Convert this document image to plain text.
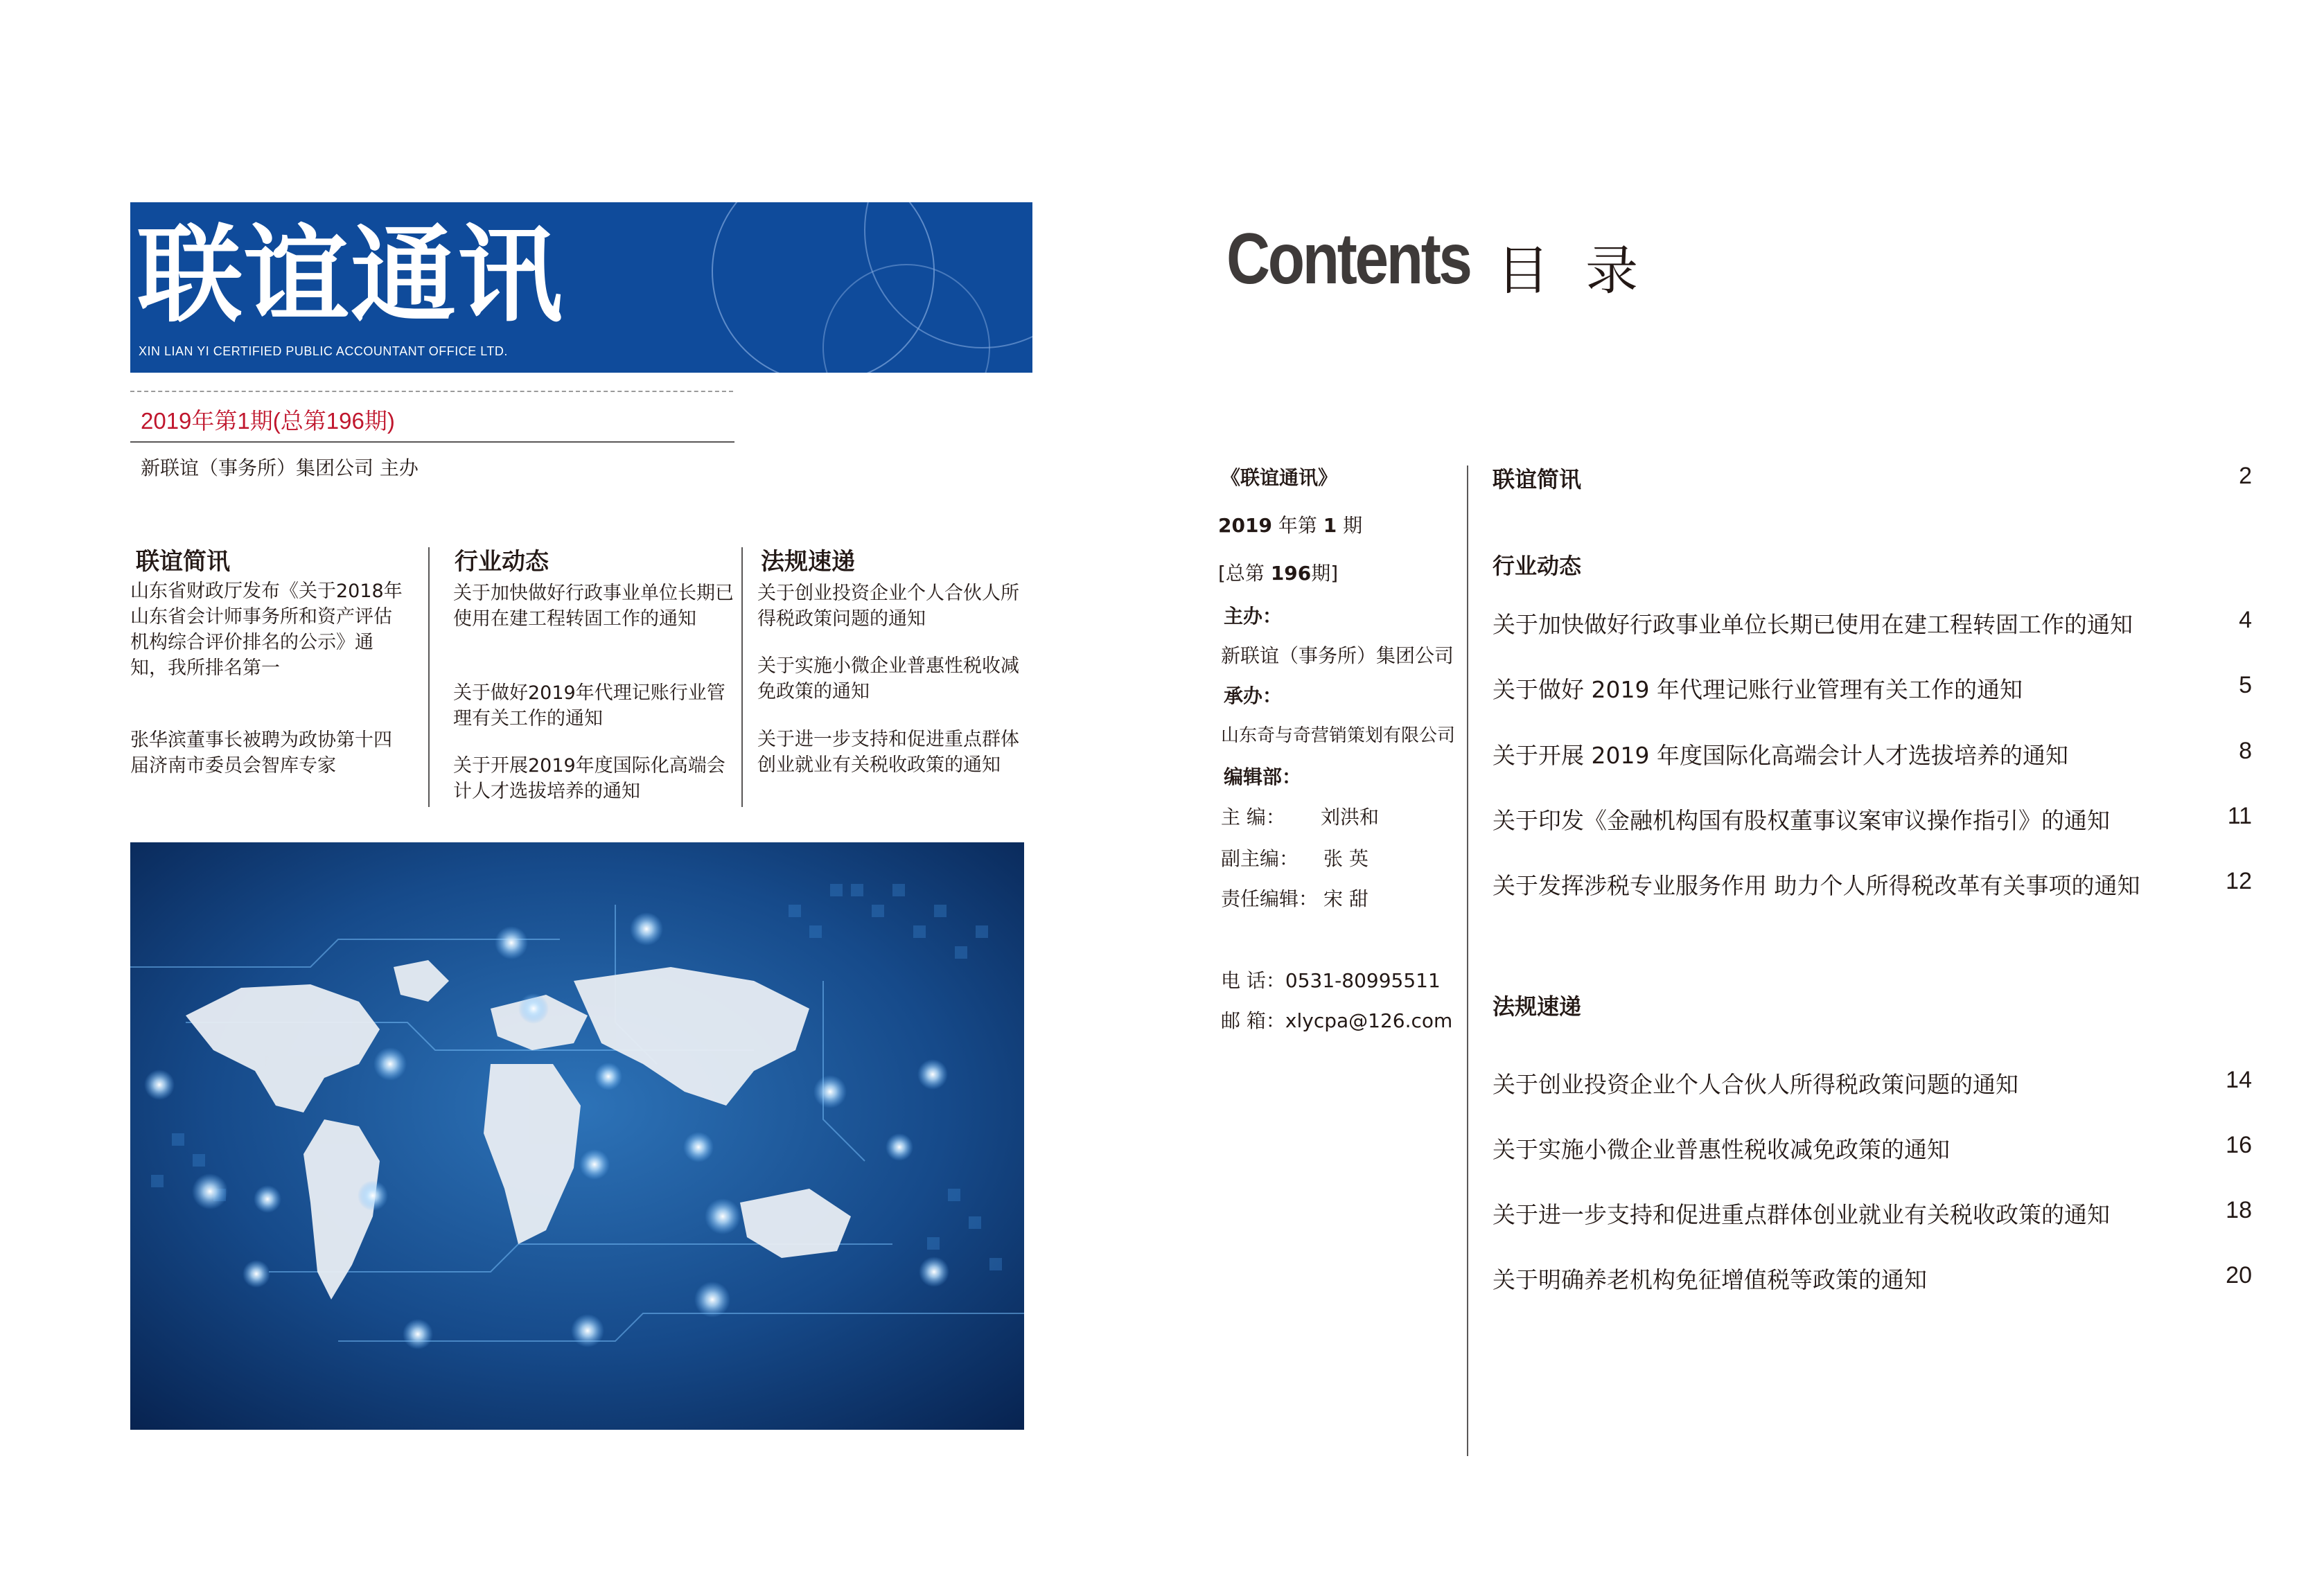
联谊通讯
XIN LIAN YI CERTIFIED PUBLIC ACCOUNTANT OFFICE LTD.
2019年第1期(总第196期)
新联谊（事务所）集团公司 主办
联谊简讯
山东省财政厅发布《关于2018年山东省会计师事务所和资产评估机构综合评价排名的公示》通知，我所排名第一
张华滨董事长被聘为政协第十四届济南市委员会智库专家
行业动态
关于加快做好行政事业单位长期已使用在建工程转固工作的通知
关于做好2019年代理记账行业管理有关工作的通知
关于开展2019年度国际化高端会计人才选拔培养的通知
法规速递
关于创业投资企业个人合伙人所得税政策问题的通知
关于实施小微企业普惠性税收减免政策的通知
关于进一步支持和促进重点群体创业就业有关税收政策的通知
Contents 目 录
《联谊通讯》
2019 年第 1 期
[总第 196期]
主办：
新联谊（事务所）集团公司
承办：
山东奇与奇营销策划有限公司
编辑部：
主 编： 刘洪和
副主编： 张 英
责任编辑： 宋 甜
电 话：0531-80995511
邮 箱：xlycpa@126.com
联谊简讯	2
行业动态
关于加快做好行政事业单位长期已使用在建工程转固工作的通知	4
关于做好 2019 年代理记账行业管理有关工作的通知	5
关于开展 2019 年度国际化高端会计人才选拔培养的通知	8
关于印发《金融机构国有股权董事议案审议操作指引》的通知	11
关于发挥涉税专业服务作用 助力个人所得税改革有关事项的通知	12
法规速递
关于创业投资企业个人合伙人所得税政策问题的通知	14
关于实施小微企业普惠性税收减免政策的通知	16
关于进一步支持和促进重点群体创业就业有关税收政策的通知	18
关于明确养老机构免征增值税等政策的通知	20
